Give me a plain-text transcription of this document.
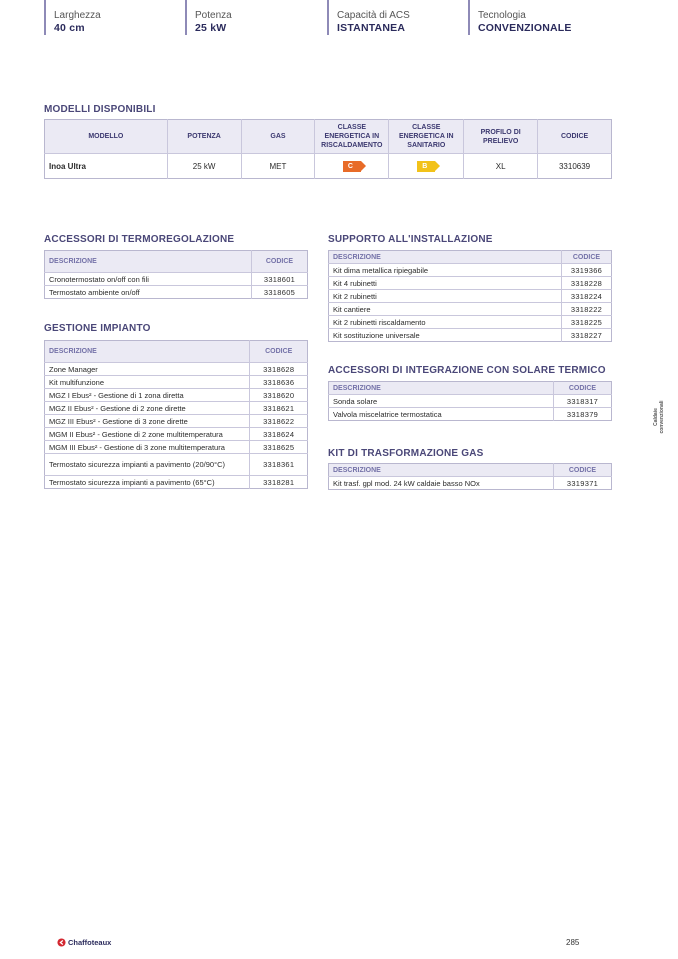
Larghezza
40 cm
Potenza
25 kW
Capacità di ACS
ISTANTANEA
Tecnologia
CONVENZIONALE
MODELLI DISPONIBILI
MODELLO	POTENZA	GAS	CLASSE ENERGETICA IN RISCALDAMENTO	CLASSE ENERGETICA IN SANITARIO	PROFILO DI PRELIEVO	CODICE
Inoa Ultra	25 kW	MET	C	B	XL	3310639
ACCESSORI DI TERMOREGOLAZIONE
DESCRIZIONE	CODICE
Cronotermostato on/off con fili	3318601
Termostato ambiente on/off	3318605
GESTIONE IMPIANTO
DESCRIZIONE	CODICE
Zone Manager	3318628
Kit multifunzione	3318636
MGZ I Ebus² - Gestione di 1 zona diretta	3318620
MGZ II Ebus² - Gestione di 2 zone dirette	3318621
MGZ III Ebus² - Gestione di 3 zone dirette	3318622
MGM II Ebus² - Gestione di 2 zone multitemperatura	3318624
MGM III Ebus² - Gestione di 3 zone multitemperatura	3318625
Termostato sicurezza impianti a pavimento (20/90°C)	3318361
Termostato sicurezza impianti a pavimento (65°C)	3318281
SUPPORTO ALL'INSTALLAZIONE
DESCRIZIONE	CODICE
Kit dima metallica ripiegabile	3319366
Kit 4 rubinetti	3318228
Kit 2 rubinetti	3318224
Kit cantiere	3318222
Kit 2 rubinetti riscaldamento	3318225
Kit sostituzione universale	3318227
ACCESSORI DI INTEGRAZIONE CON SOLARE TERMICO
DESCRIZIONE	CODICE
Sonda solare	3318317
Valvola miscelatrice termostatica	3318379
KIT DI TRASFORMAZIONE GAS
DESCRIZIONE	CODICE
Kit trasf. gpl mod. 24 kW caldaie basso NOx	3319371
Caldaie convenzionali
Chaffoteaux	285
